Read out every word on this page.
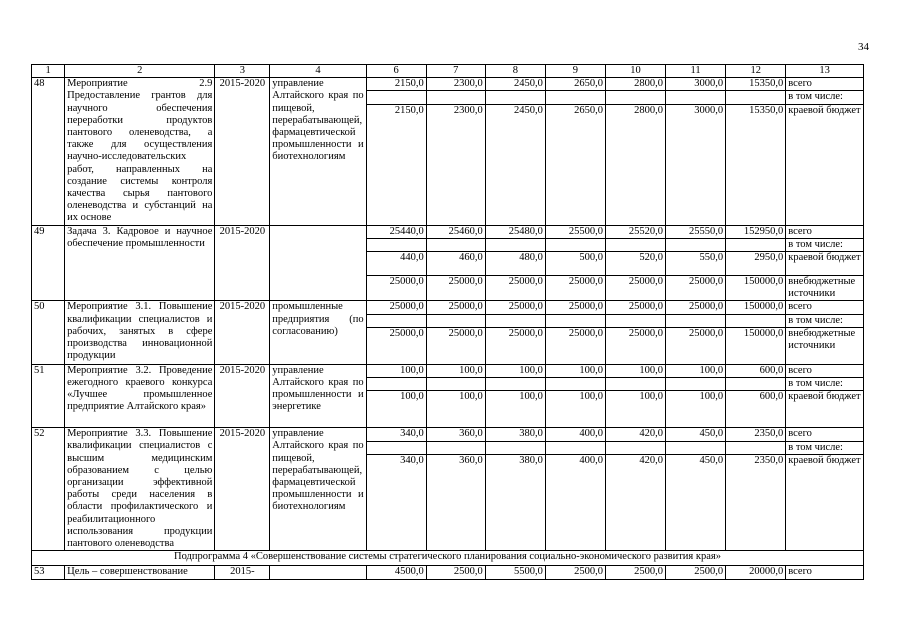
34
1	2	3	4	6	7	8	9	10	11	12	13
48	Мероприятие 2.9 Предоставление грантов для научного обеспечения переработки продуктов пантового оленеводства, а также для осуществления научно-исследовательских работ, направленных на создание системы контроля качества сырья пантового оленеводства и субстанций на их основе	2015-2020	управление Алтайского края по пищевой, перерабатывающей, фармацевтической промышленности и биотехнологиям	2150,0	2300,0	2450,0	2650,0	2800,0	3000,0	15350,0	всего
											в том числе:
				2150,0	2300,0	2450,0	2650,0	2800,0	3000,0	15350,0	краевой бюджет
49	Задача 3. Кадровое и научное обеспечение промышленности	2015-2020		25440,0	25460,0	25480,0	25500,0	25520,0	25550,0	152950,0	всего
											в том числе:
				440,0	460,0	480,0	500,0	520,0	550,0	2950,0	краевой бюджет
				25000,0	25000,0	25000,0	25000,0	25000,0	25000,0	150000,0	внебюджетные источники
50	Мероприятие 3.1. Повышение квалификации специалистов и рабочих, занятых в сфере производства инновационной продукции	2015-2020	промышленные предприятия (по согласованию)	25000,0	25000,0	25000,0	25000,0	25000,0	25000,0	150000,0	всего
											в том числе:
				25000,0	25000,0	25000,0	25000,0	25000,0	25000,0	150000,0	внебюджетные источники
51	Мероприятие 3.2. Проведение ежегодного краевого конкурса «Лучшее промышленное предприятие Алтайского края»	2015-2020	управление Алтайского края по промышленности и энергетике	100,0	100,0	100,0	100,0	100,0	100,0	600,0	всего
											в том числе:
				100,0	100,0	100,0	100,0	100,0	100,0	600,0	краевой бюджет
52	Мероприятие 3.3. Повышение квалификации специалистов с высшим медицинским образованием с целью организации эффективной работы среди населения в области профилактического и реабилитационного использования продукции пантового оленеводства	2015-2020	управление Алтайского края по пищевой, перерабатывающей, фармацевтической промышленности и биотехнологиям	340,0	360,0	380,0	400,0	420,0	450,0	2350,0	всего
											в том числе:
				340,0	360,0	380,0	400,0	420,0	450,0	2350,0	краевой бюджет
Подпрограмма 4 «Совершенствование системы стратегического планирования социально-экономического развития края»											
53	Цель – совершенствование	2015-		4500,0	2500,0	5500,0	2500,0	2500,0	2500,0	20000,0	всего
